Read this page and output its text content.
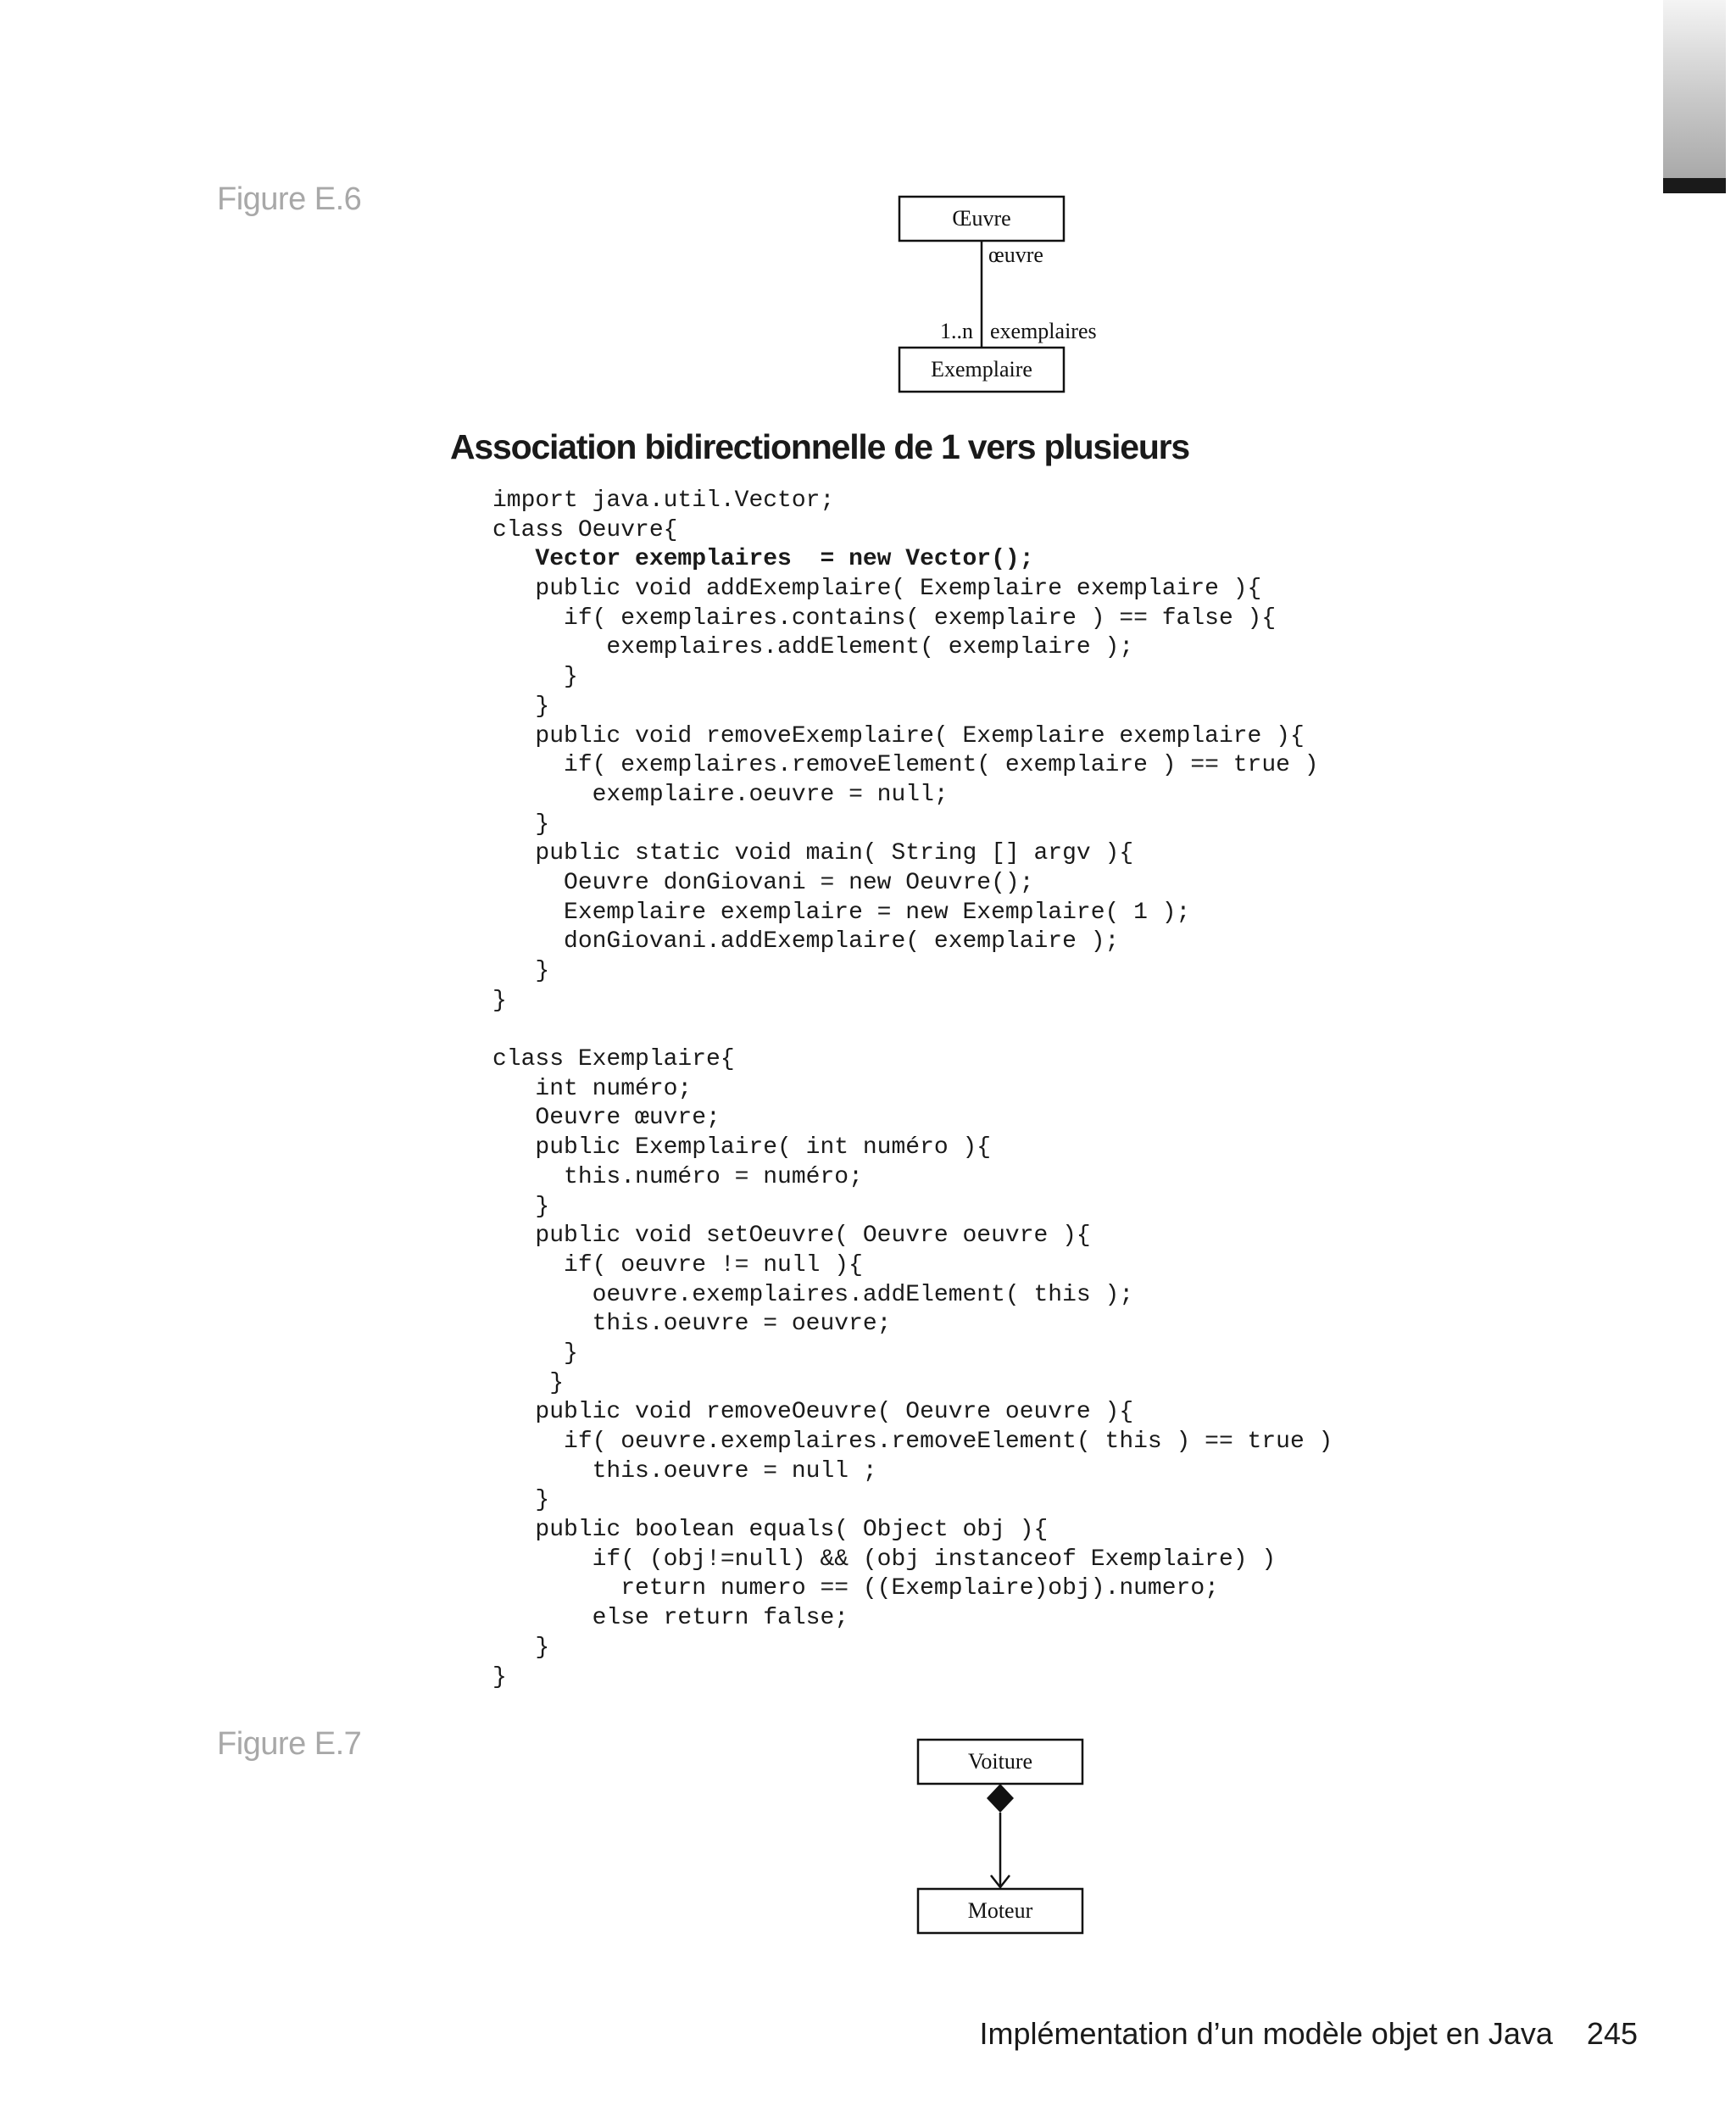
Figure E.6
Œuvre
œuvre
1..n exemplaires
Exemplaire
Association bidirectionnelle de 1 vers plusieurs
import java.util.Vector;
class Oeuvre{
Vector exemplaires  = new Vector();
public void addExemplaire( Exemplaire exemplaire ){
if( exemplaires.contains( exemplaire ) == false ){
exemplaires.addElement( exemplaire );
}
}
public void removeExemplaire( Exemplaire exemplaire ){
if( exemplaires.removeElement( exemplaire ) == true )
exemplaire.oeuvre = null;
}
public static void main( String [] argv ){
Oeuvre donGiovani = new Oeuvre();
Exemplaire exemplaire = new Exemplaire( 1 );
donGiovani.addExemplaire( exemplaire );
}
}
class Exemplaire{
int numéro;
Oeuvre œuvre;
public Exemplaire( int numéro ){
this.numéro = numéro;
}
public void setOeuvre( Oeuvre oeuvre ){
if( oeuvre != null ){
oeuvre.exemplaires.addElement( this );
this.oeuvre = oeuvre;
}
}
public void removeOeuvre( Oeuvre oeuvre ){
if( oeuvre.exemplaires.removeElement( this ) == true )
this.oeuvre = null ;
}
public boolean equals( Object obj ){
if( (obj!=null) && (obj instanceof Exemplaire) )
return numero == ((Exemplaire)obj).numero;
else return false;
}
}
Figure E.7	Voiture
Moteur
Implémentation d’un modèle objet en Java 245
